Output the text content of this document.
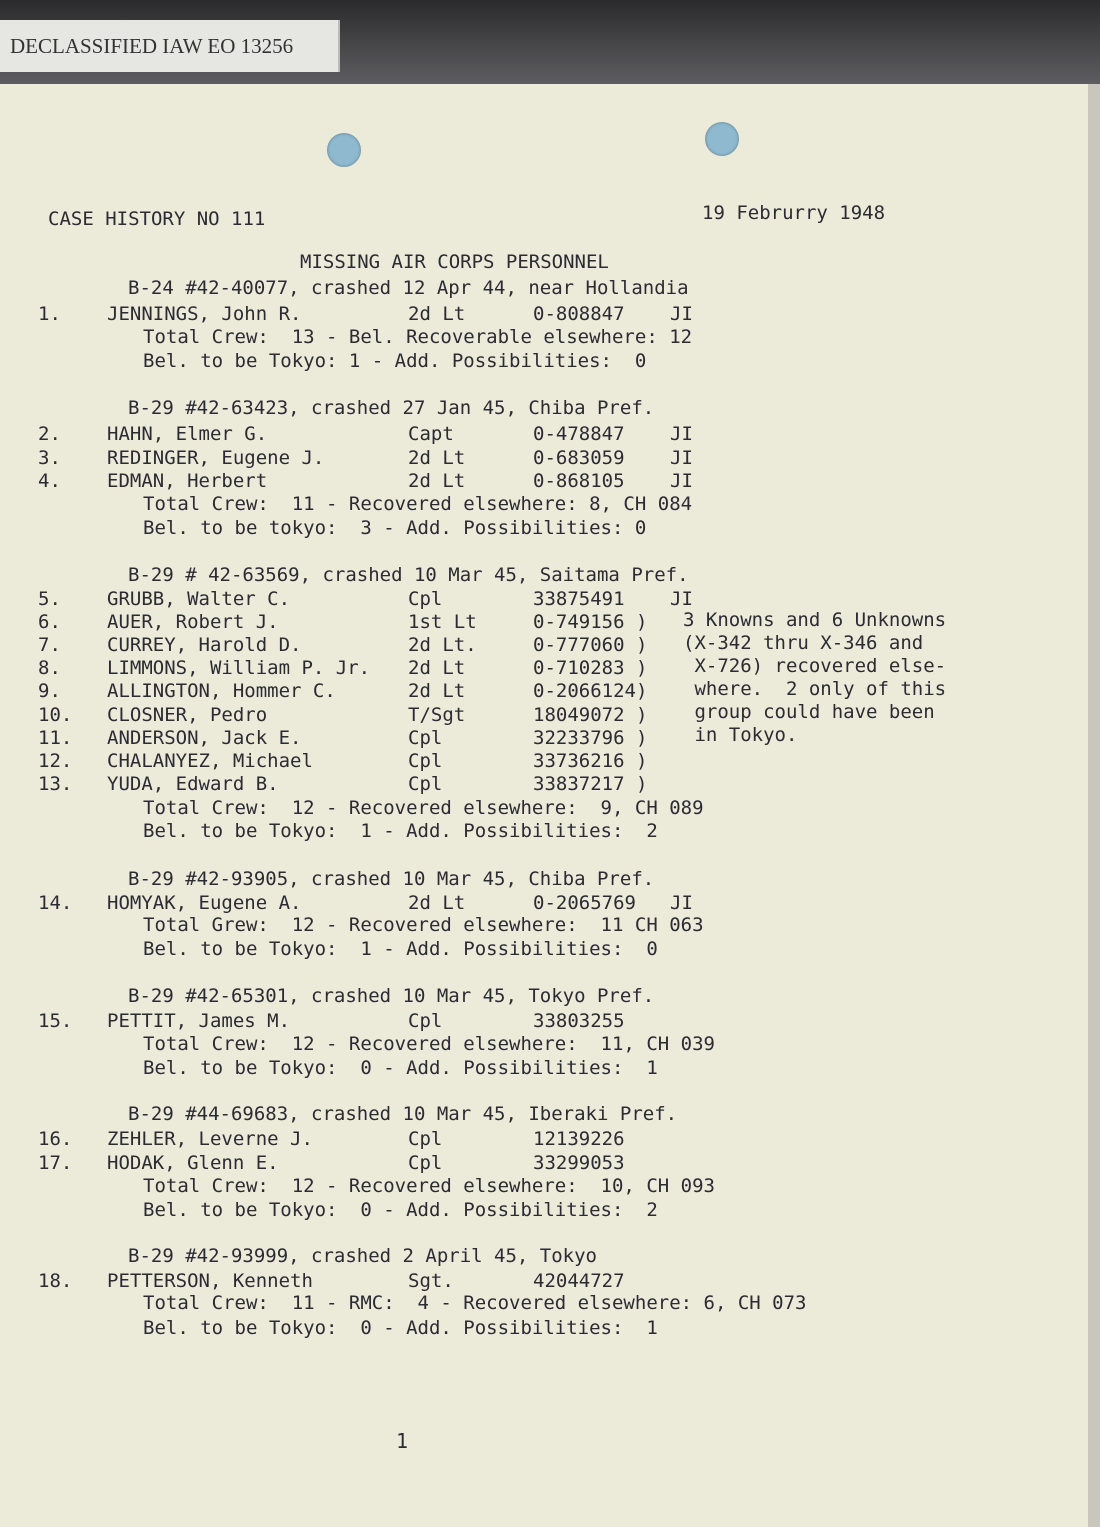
DECLASSIFIED IAW EO 13256
CASE HISTORY NO 111	19 Februrry 1948
MISSING AIR CORPS PERSONNEL
B-24 #42-40077, crashed 12 Apr 44, near Hollandia
1. JENNINGS, John R.	2d Lt	0-808847 JI
Total Crew:  13 - Bel. Recoverable elsewhere: 12
Bel. to be Tokyo: 1 - Add. Possibilities:  0
B-29 #42-63423, crashed 27 Jan 45, Chiba Pref.
2. HAHN, Elmer G.	Capt	0-478847 JI
3. REDINGER, Eugene J.	2d Lt	0-683059 JI
4. EDMAN, Herbert	2d Lt	0-868105 JI
Total Crew:  11 - Recovered elsewhere: 8, CH 084
Bel. to be tokyo:  3 - Add. Possibilities: 0
B-29 # 42-63569, crashed 10 Mar 45, Saitama Pref.
5. GRUBB, Walter C.	Cpl	33875491 JI
6. AUER, Robert J.	1st Lt	0-749156 )
7. CURREY, Harold D.	2d Lt.	0-777060 )
8. LIMMONS, William P. Jr. 2d Lt	0-710283 )
9. ALLINGTON, Hommer C.	2d Lt	0-2066124)
10. CLOSNER, Pedro	T/Sgt	18049072 )
11. ANDERSON, Jack E.	Cpl	32233796 )
12. CHALANYEZ, Michael	Cpl	33736216 )
13. YUDA, Edward B.	Cpl	33837217 )
3 Knowns and 6 Unknowns
(X-342 thru X-346 and
X-726) recovered else-
where.  2 only of this
group could have been
in Tokyo.
Total Crew:  12 - Recovered elsewhere:  9, CH 089
Bel. to be Tokyo:  1 - Add. Possibilities:  2
B-29 #42-93905, crashed 10 Mar 45, Chiba Pref.
14. HOMYAK, Eugene A.	2d Lt	0-2065769 JI
Total Grew:  12 - Recovered elsewhere:  11 CH 063
Bel. to be Tokyo:  1 - Add. Possibilities:  0
B-29 #42-65301, crashed 10 Mar 45, Tokyo Pref.
15. PETTIT, James M.	Cpl	33803255
Total Crew:  12 - Recovered elsewhere:  11, CH 039
Bel. to be Tokyo:  0 - Add. Possibilities:  1
B-29 #44-69683, crashed 10 Mar 45, Iberaki Pref.
16. ZEHLER, Leverne J.	Cpl	12139226
17. HODAK, Glenn E.	Cpl	33299053
Total Crew:  12 - Recovered elsewhere:  10, CH 093
Bel. to be Tokyo:  0 - Add. Possibilities:  2
B-29 #42-93999, crashed 2 April 45, Tokyo
18. PETTERSON, Kenneth	Sgt.	42044727
Total Crew:  11 - RMC:  4 - Recovered elsewhere: 6, CH 073
Bel. to be Tokyo:  0 - Add. Possibilities:  1
1
